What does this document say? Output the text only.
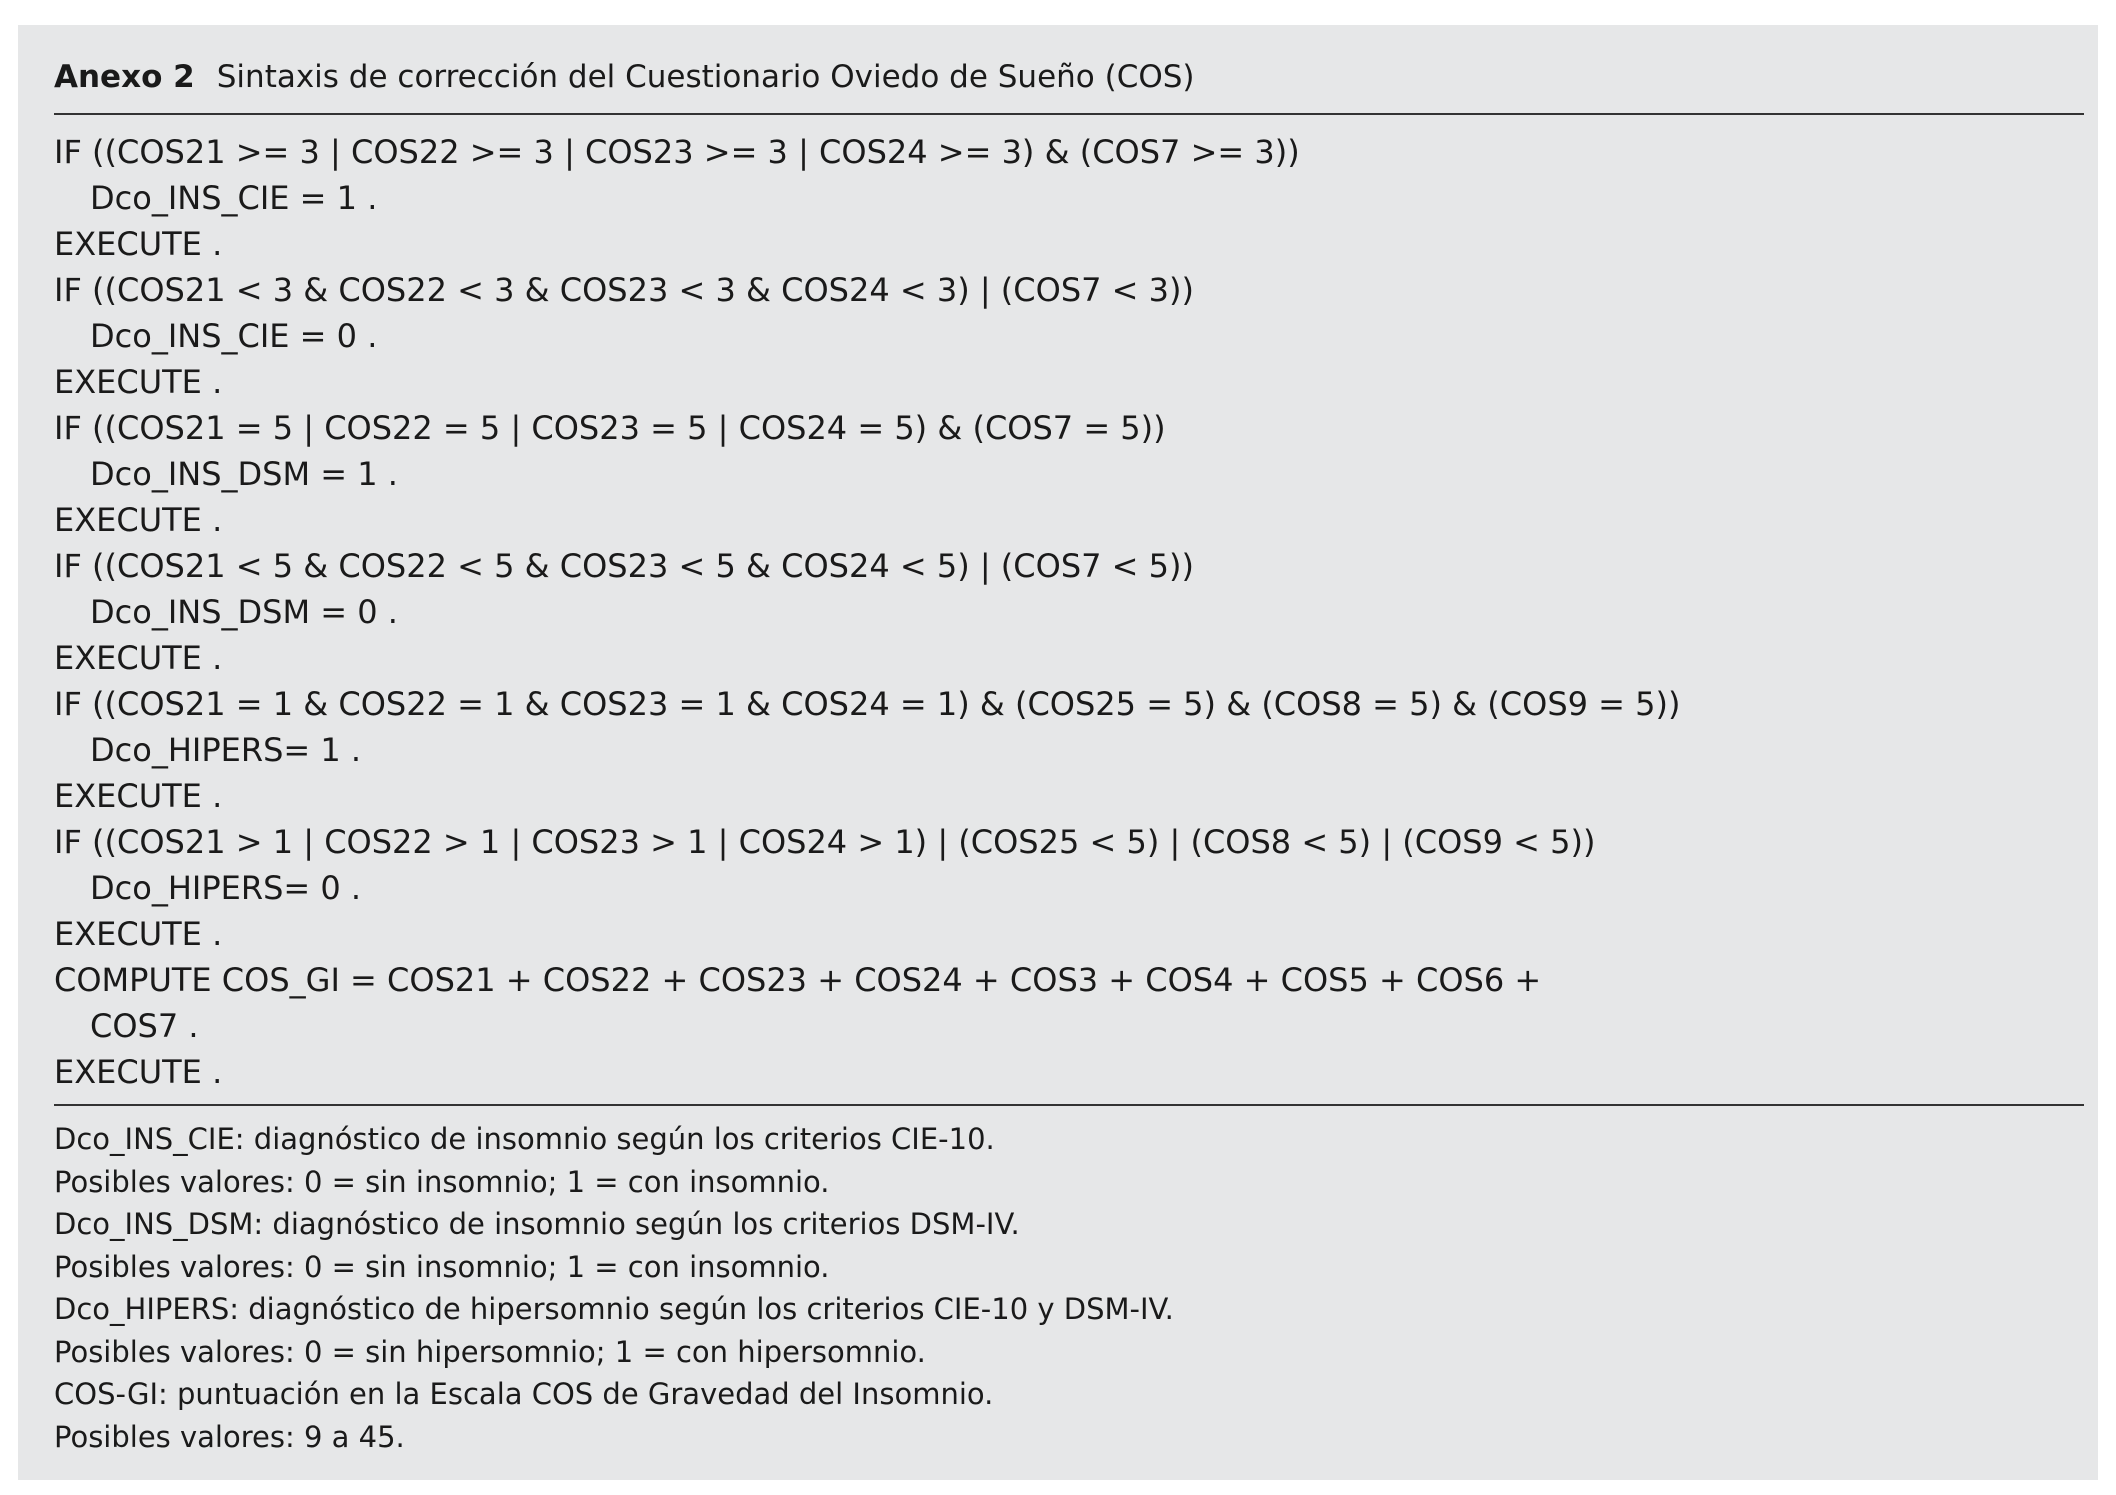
Anexo 2 Sintaxis de corrección del Cuestionario Oviedo de Sueño (COS)
IF ((COS21 >= 3 | COS22 >= 3 | COS23 >= 3 | COS24 >= 3) & (COS7 >= 3))
Dco_INS_CIE = 1 .
EXECUTE .
IF ((COS21 < 3 & COS22 < 3 & COS23 < 3 & COS24 < 3) | (COS7 < 3))
Dco_INS_CIE = 0 .
EXECUTE .
IF ((COS21 = 5 | COS22 = 5 | COS23 = 5 | COS24 = 5) & (COS7 = 5))
Dco_INS_DSM = 1 .
EXECUTE .
IF ((COS21 < 5 & COS22 < 5 & COS23 < 5 & COS24 < 5) | (COS7 < 5))
Dco_INS_DSM = 0 .
EXECUTE .
IF ((COS21 = 1 & COS22 = 1 & COS23 = 1 & COS24 = 1) & (COS25 = 5) & (COS8 = 5) & (COS9 = 5))
Dco_HIPERS= 1 .
EXECUTE .
IF ((COS21 > 1 | COS22 > 1 | COS23 > 1 | COS24 > 1) | (COS25 < 5) | (COS8 < 5) | (COS9 < 5))
Dco_HIPERS= 0 .
EXECUTE .
COMPUTE COS_GI = COS21 + COS22 + COS23 + COS24 + COS3 + COS4 + COS5 + COS6 +
COS7 .
EXECUTE .
Dco_INS_CIE: diagnóstico de insomnio según los criterios CIE-10.
Posibles valores: 0 = sin insomnio; 1 = con insomnio.
Dco_INS_DSM: diagnóstico de insomnio según los criterios DSM-IV.
Posibles valores: 0 = sin insomnio; 1 = con insomnio.
Dco_HIPERS: diagnóstico de hipersomnio según los criterios CIE-10 y DSM-IV.
Posibles valores: 0 = sin hipersomnio; 1 = con hipersomnio.
COS-GI: puntuación en la Escala COS de Gravedad del Insomnio.
Posibles valores: 9 a 45.
